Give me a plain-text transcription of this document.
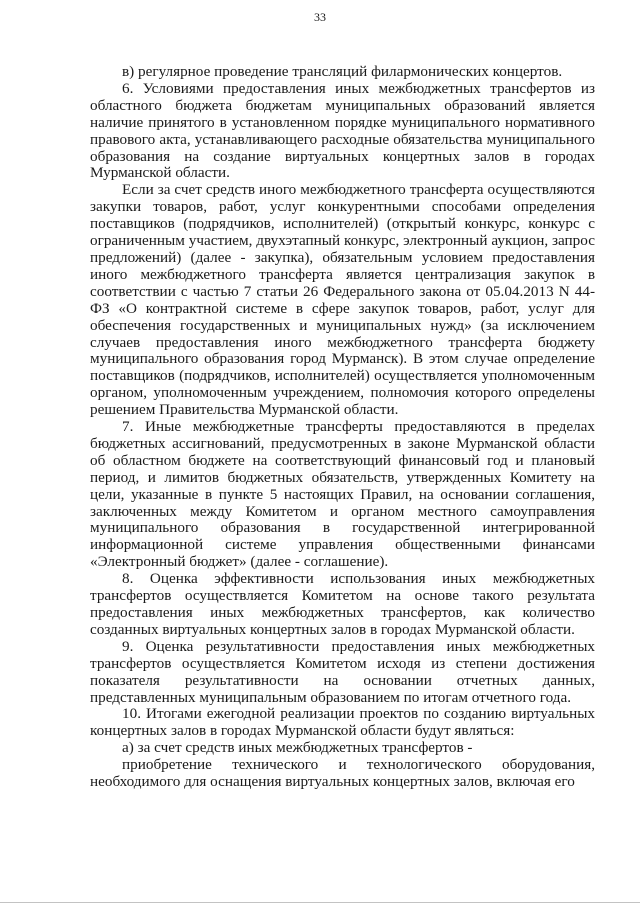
33

в) регулярное проведение трансляций филармонических концертов.

6. Условиями предоставления иных межбюджетных трансфертов из областного бюджета бюджетам муниципальных образований является наличие принятого в установленном порядке муниципального нормативного правового акта, устанавливающего расходные обязательства муниципального образования на создание виртуальных концертных залов в городах Мурманской области.

Если за счет средств иного межбюджетного трансферта осуществляются закупки товаров, работ, услуг конкурентными способами определения поставщиков (подрядчиков, исполнителей) (открытый конкурс, конкурс с ограниченным участием, двухэтапный конкурс, электронный аукцион, запрос предложений) (далее - закупка), обязательным условием предоставления иного межбюджетного трансферта является централизация закупок в соответствии с частью 7 статьи 26 Федерального закона от 05.04.2013 N 44-ФЗ «О контрактной системе в сфере закупок товаров, работ, услуг для обеспечения государственных и муниципальных нужд» (за исключением случаев предоставления иного межбюджетного трансферта бюджету муниципального образования город Мурманск). В этом случае определение поставщиков (подрядчиков, исполнителей) осуществляется уполномоченным органом, уполномоченным учреждением, полномочия которого определены решением Правительства Мурманской области.

7. Иные межбюджетные трансферты предоставляются в пределах бюджетных ассигнований, предусмотренных в законе Мурманской области об областном бюджете на соответствующий финансовый год и плановый период, и лимитов бюджетных обязательств, утвержденных Комитету на цели, указанные в пункте 5 настоящих Правил, на основании соглашения, заключенных между Комитетом и органом местного самоуправления муниципального образования в государственной интегрированной информационной системе управления общественными финансами «Электронный бюджет» (далее - соглашение).

8. Оценка эффективности использования иных межбюджетных трансфертов осуществляется Комитетом на основе такого результата предоставления иных межбюджетных трансфертов, как количество созданных виртуальных концертных залов в городах Мурманской области.

9. Оценка результативности предоставления иных межбюджетных трансфертов осуществляется Комитетом исходя из степени достижения показателя результативности на основании отчетных данных, представленных муниципальным образованием по итогам отчетного года.

10. Итогами ежегодной реализации проектов по созданию виртуальных концертных залов в городах Мурманской области будут являться:

а) за счет средств иных межбюджетных трансфертов -

приобретение технического и технологического оборудования, необходимого для оснащения виртуальных концертных залов, включая его
